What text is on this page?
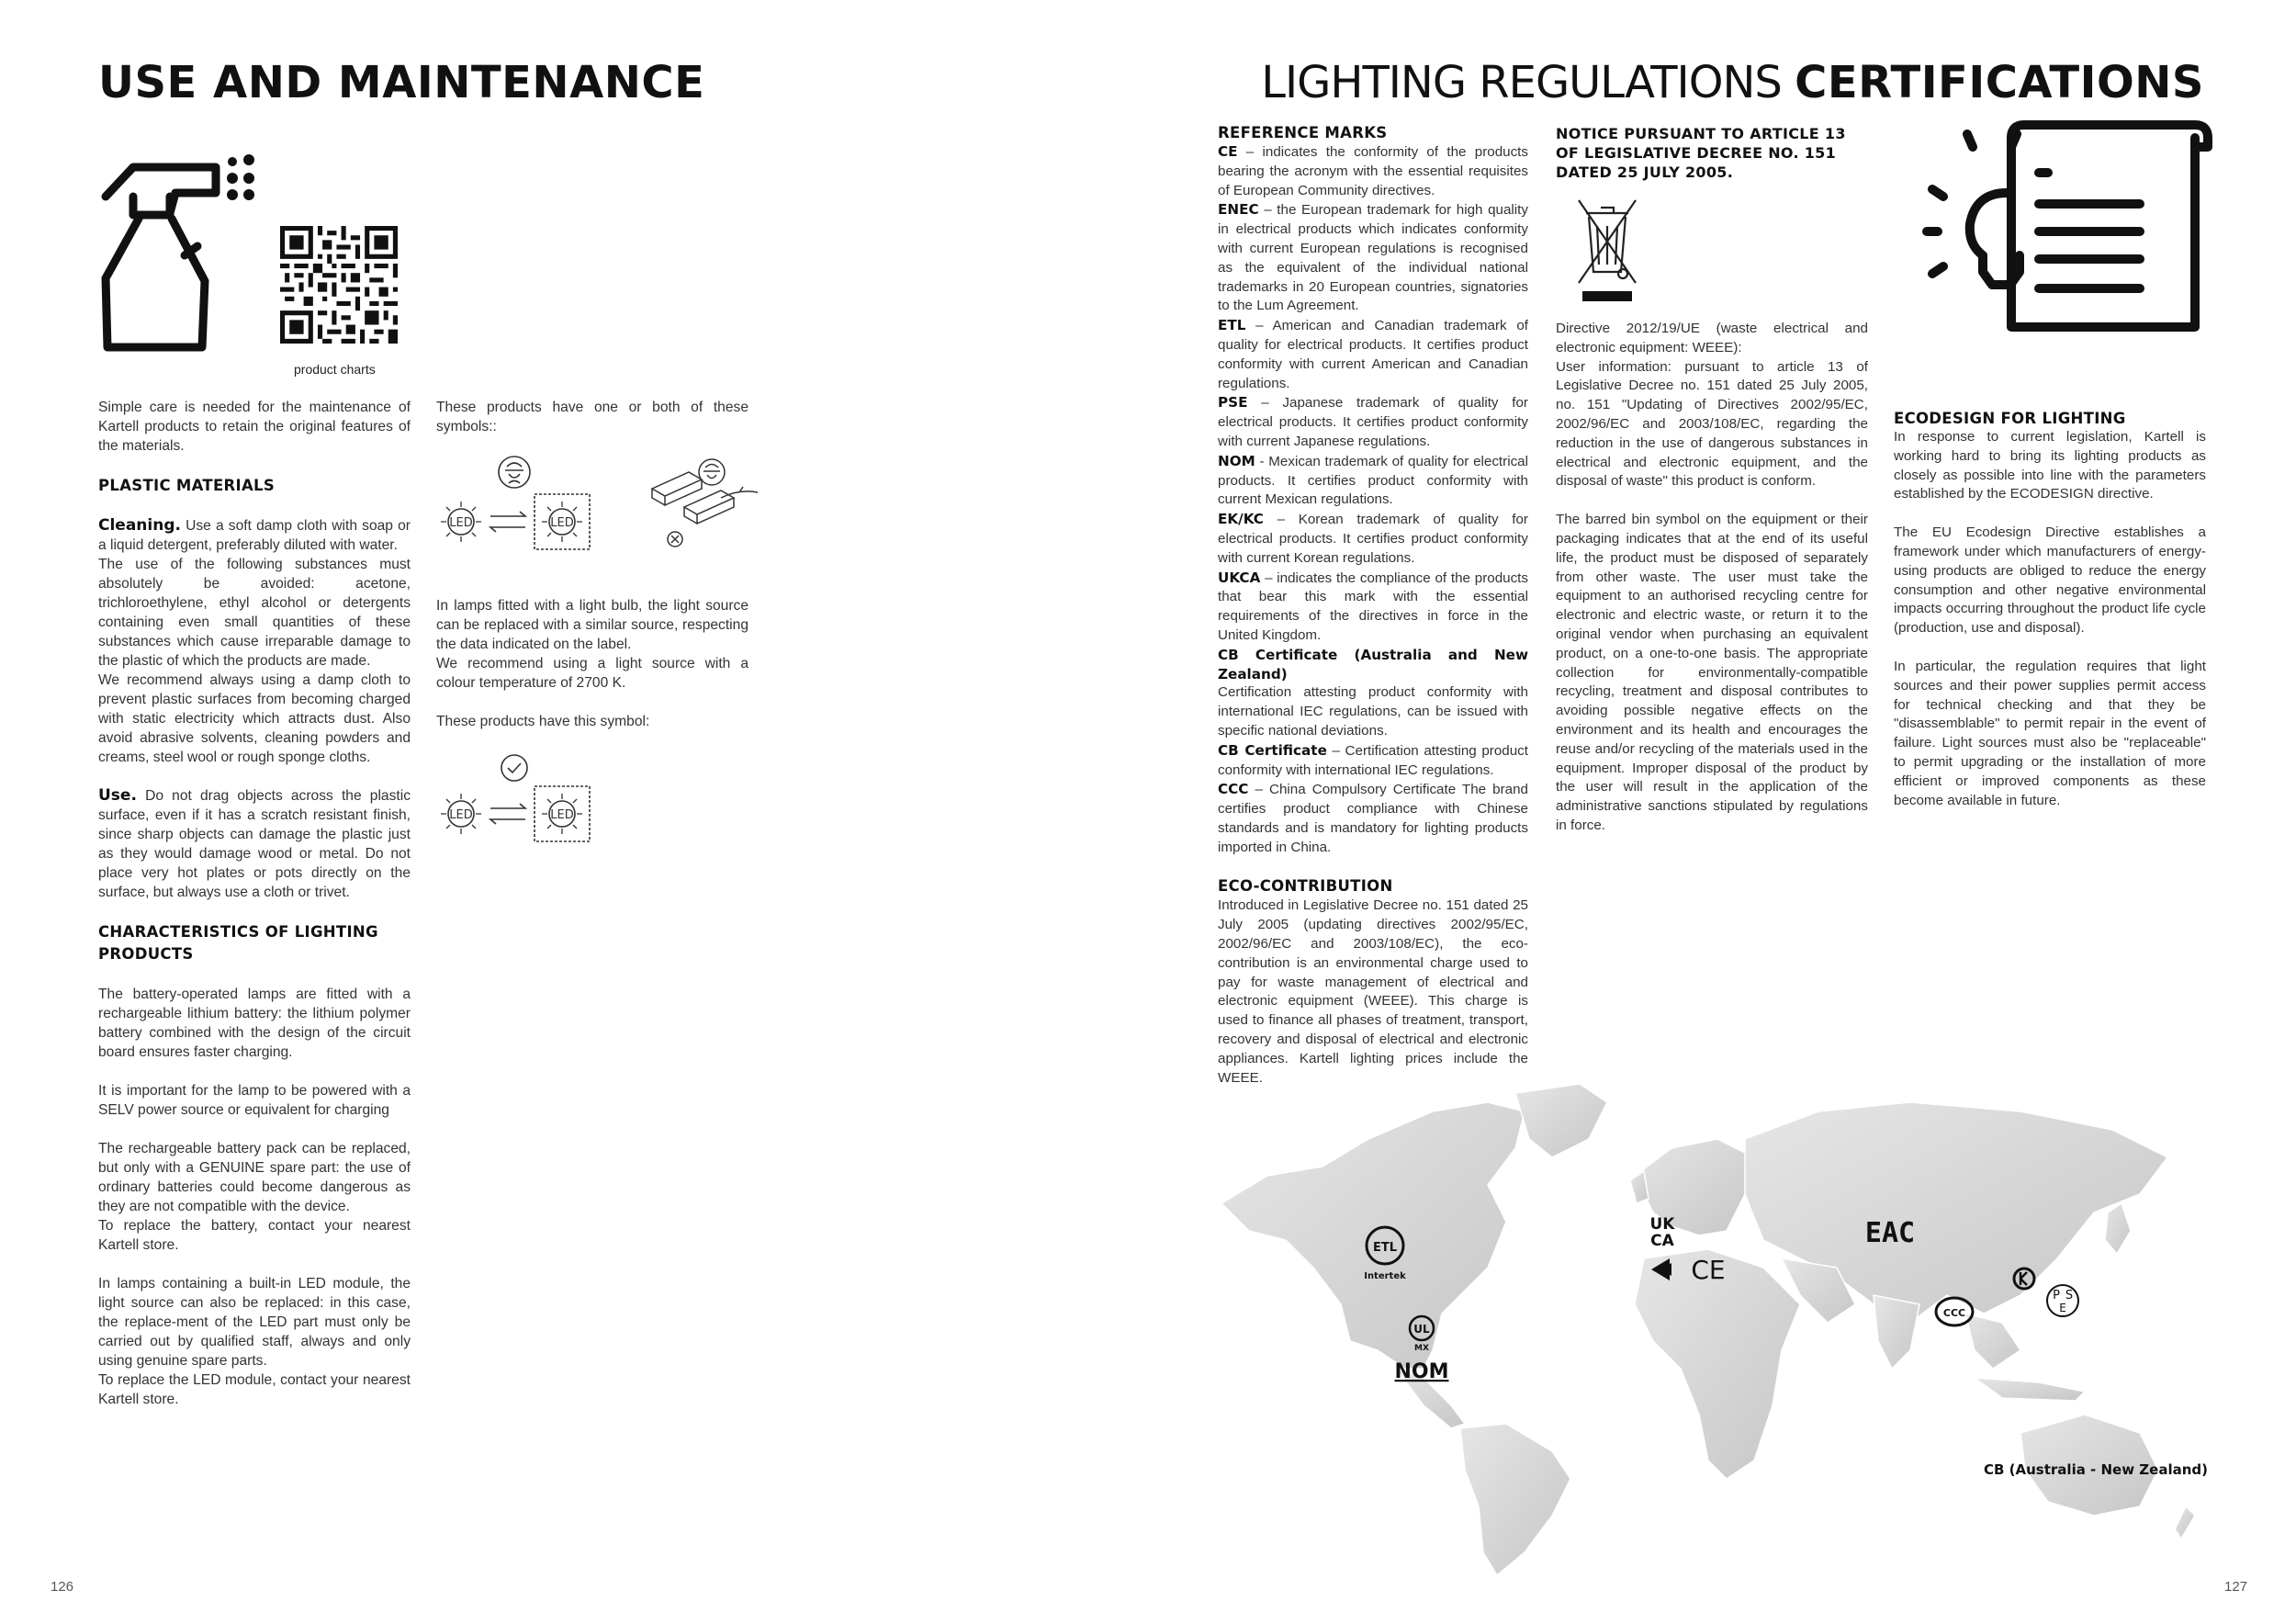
USE AND MAINTENANCE
product charts

Simple care is needed for the maintenance of Kartell products to retain the original features of the materials.

PLASTIC MATERIALS

Cleaning. Use a soft damp cloth with soap or a liquid detergent, preferably diluted with water.

The use of the following substances must absolutely be avoided: acetone, trichloroethylene, ethyl alcohol or detergents containing even small quantities of these substances which cause irreparable damage to the plastic of which the products are made.

We recommend always using a damp cloth to prevent plastic surfaces from becoming charged with static electricity which attracts dust. Also avoid abrasive solvents, cleaning powders and creams, steel wool or rough sponge cloths.

Use. Do not drag objects across the plastic surface, even if it has a scratch resistant finish, since sharp objects can damage the plastic just as they would damage wood or metal. Do not place very hot plates or pots directly on the surface, but always use a cloth or trivet.

CHARACTERISTICS OF LIGHTING
PRODUCTS

The battery-operated lamps are fitted with a rechargeable lithium battery: the lithium polymer battery combined with the design of the circuit board ensures faster charging.

It is important for the lamp to be powered with a SELV power source or equivalent for charging

The rechargeable battery pack can be replaced, but only with a GENUINE spare part: the use of ordinary batteries could become dangerous as they are not compatible with the device.

To replace the battery, contact your nearest Kartell store.

In lamps containing a built-in LED module, the light source can also be replaced: in this case, the replace-ment of the LED part must only be carried out by qualified staff, always and only using genuine spare parts.

To replace the LED module, contact your nearest Kartell store.

These products have one or both of these symbols::
LED	LED

In lamps fitted with a light bulb, the light source can be replaced with a similar source, respecting the data indicated on the label.

We recommend using a light source with a colour temperature of 2700 K.

These products have this symbol:

LED	LED
126
LIGHTING REGULATIONS CERTIFICATIONS
REFERENCE MARKS

CE – indicates the conformity of the products bearing the acronym with the essential requisites of European Community directives.

ENEC – the European trademark for high quality in electrical products which indicates conformity with current European regulations is recognised as the equivalent of the individual national trademarks in 20 European countries, signatories to the Lum Agreement.

ETL – American and Canadian trademark of quality for electrical products. It certifies product conformity with current American and Canadian regulations.

PSE – Japanese trademark of quality for electrical products. It certifies product conformity with current Japanese regulations.

NOM - Mexican trademark of quality for electrical products. It certifies product conformity with current Mexican regulations.

EK/KC – Korean trademark of quality for electrical products. It certifies product conformity with current Korean regulations.

UKCA – indicates the compliance of the products that bear this mark with the essential requirements of the directives in force in the United Kingdom.

CB Certificate (Australia and New Zealand)

Certification attesting product conformity with international IEC regulations, can be issued with specific national deviations.

CB Certificate – Certification attesting product conformity with international IEC regulations.

CCC – China Compulsory Certificate The brand certifies product compliance with Chinese standards and is mandatory for lighting products imported in China.

ECO-CONTRIBUTION

Introduced in Legislative Decree no. 151 dated 25 July 2005 (updating directives 2002/95/EC, 2002/96/EC and 2003/108/EC), the eco-contribution is an environmental charge used to pay for waste management of electrical and electronic equipment (WEEE). This charge is used to finance all phases of treatment, transport, recovery and disposal of electrical and electronic appliances. Kartell lighting prices include the WEEE.

NOTICE PURSUANT TO ARTICLE 13 OF LEGISLATIVE DECREE NO. 151 DATED 25 JULY 2005.

Directive 2012/19/UE (waste electrical and electronic equipment: WEEE):

User information: pursuant to article 13 of Legislative Decree no. 151 dated 25 July 2005, no. 151 "Updating of Directives 2002/95/EC, 2002/96/EC and 2003/108/EC, regarding the reduction in the use of dangerous substances in electrical and electronic equipment, and the disposal of waste" this product is conform.

The barred bin symbol on the equipment or their packaging indicates that at the end of its useful life, the product must be disposed of separately from other waste. The user must take the equipment to an authorised recycling centre for electronic and electric waste, or return it to the original vendor when purchasing an equivalent product, on a one-to-one basis. The appropriate collection for environmentally-compatible recycling, treatment and disposal contributes to avoiding possible negative effects on the environment and its health and encourages the reuse and/or recycling of the materials used in the equipment. Improper disposal of the product by the user will result in the application of the administrative sanctions stipulated by regulations in force.

ECODESIGN FOR LIGHTING

In response to current legislation, Kartell is working hard to bring its lighting products as closely as possible into line with the parameters established by the ECODESIGN directive.

The EU Ecodesign Directive establishes a framework under which manufacturers of energy-using products are obliged to reduce the energy consumption and other negative environmental impacts occurring throughout the product life cycle (production, use and disposal).

In particular, the regulation requires that light sources and their power supplies permit access for technical checking and that they be "disassemblable" to permit repair in the event of failure. Light sources must also be "replaceable" to permit upgrading or the installation of more efficient or improved components as these become available in future.

ETL
Intertek
UL
MX
NOM
UK
CA
CE
EAC
CCC
P S
E
CB (Australia - New Zealand)
127
